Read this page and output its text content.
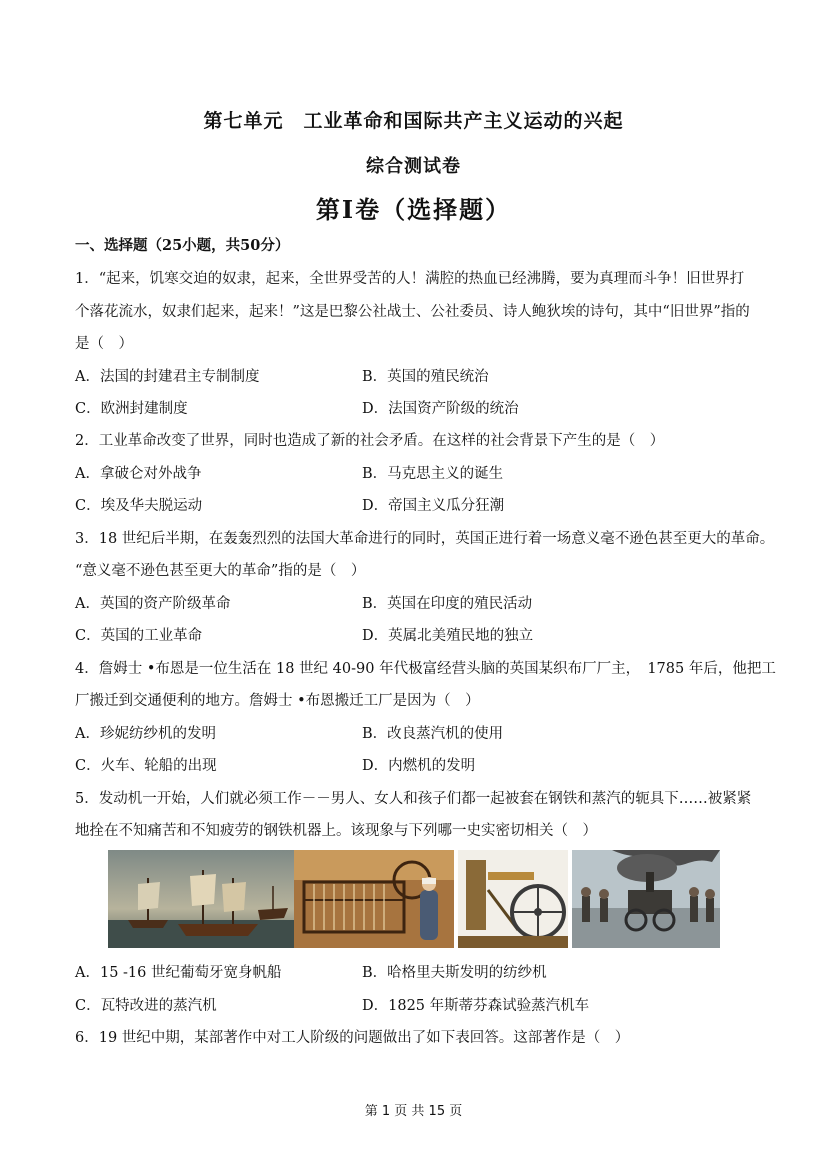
第七单元　工业革命和国际共产主义运动的兴起
综合测试卷
第Ⅰ卷（选择题）
一、选择题（25小题，共50分）
1．“起来，饥寒交迫的奴隶，起来，全世界受苦的人！满腔的热血已经沸腾，要为真理而斗争！旧世界打
个落花流水，奴隶们起来，起来！”这是巴黎公社战士、公社委员、诗人鲍狄埃的诗句，其中“旧世界”指的
是（　）
A．法国的封建君主专制制度	B．英国的殖民统治
C．欧洲封建制度	D．法国资产阶级的统治
2．工业革命改变了世界，同时也造成了新的社会矛盾。在这样的社会背景下产生的是（　）
A．拿破仑对外战争	B．马克思主义的诞生
C．埃及华夫脱运动	D．帝国主义瓜分狂潮
3．18 世纪后半期，在轰轰烈烈的法国大革命进行的同时，英国正进行着一场意义毫不逊色甚至更大的革命。
“意义毫不逊色甚至更大的革命”指的是（　）
A．英国的资产阶级革命	B．英国在印度的殖民活动
C．英国的工业革命	D．英属北美殖民地的独立
4．詹姆士 •布恩是一位生活在 18 世纪 40-90 年代极富经营头脑的英国某织布厂厂主，　1785 年后，他把工
厂搬迁到交通便利的地方。詹姆士 •布恩搬迁工厂是因为（　）
A．珍妮纺纱机的发明	B．改良蒸汽机的使用
C．火车、轮船的出现	D．内燃机的发明
5．发动机一开始，人们就必须工作－－男人、女人和孩子们都一起被套在钢铁和蒸汽的轭具下……被紧紧
地拴在不知痛苦和不知疲劳的钢铁机器上。该现象与下列哪一史实密切相关（　）
A．15 -16 世纪葡萄牙宽身帆船	B．哈格里夫斯发明的纺纱机
C．瓦特改进的蒸汽机	D．1825 年斯蒂芬森试验蒸汽机车
6．19 世纪中期，某部著作中对工人阶级的问题做出了如下表回答。这部著作是（　）
第 1 页 共 15 页
